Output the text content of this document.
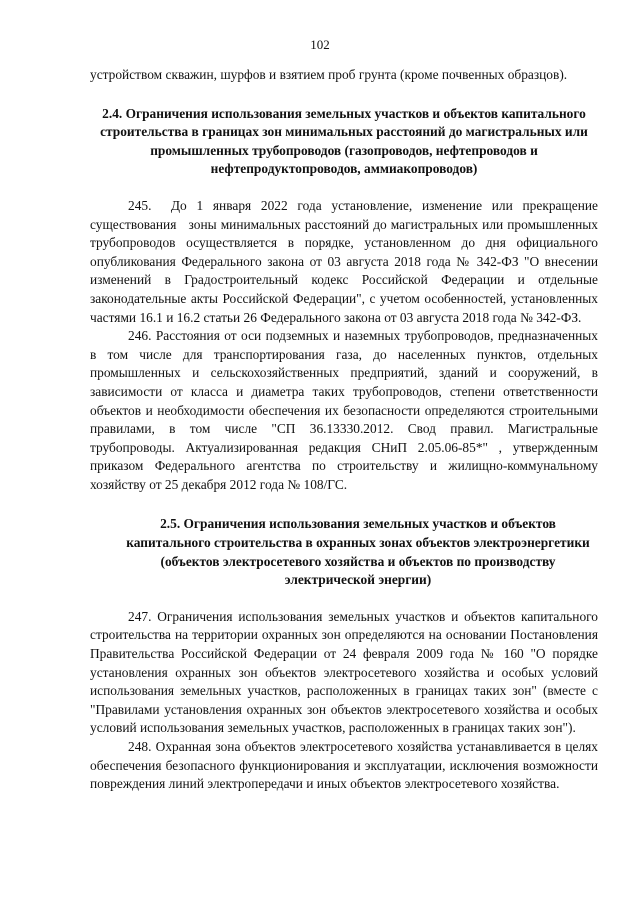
102

устройством скважин, шурфов и взятием проб грунта (кроме почвенных образцов).

2.4. Ограничения использования земельных участков и объектов капитального строительства в границах зон минимальных расстояний до магистральных или промышленных трубопроводов (газопроводов, нефтепроводов и нефтепродуктопроводов, аммиакопроводов)

245.  До 1 января 2022 года установление, изменение или прекращение существования   зоны минимальных расстояний до магистральных или промышленных трубопроводов осуществляется в порядке, установленном до дня официального опубликования Федерального закона от 03 августа 2018 года № 342-ФЗ "О внесении изменений в Градостроительный кодекс Российской Федерации и отдельные законодательные акты Российской Федерации", с учетом особенностей, установленных частями 16.1 и 16.2 статьи 26 Федерального закона от 03 августа 2018 года № 342-ФЗ.

246. Расстояния от оси подземных и наземных трубопроводов, предназначенных в том числе для транспортирования газа, до населенных пунктов, отдельных промышленных и сельскохозяйственных предприятий, зданий и сооружений, в зависимости от класса и диаметра таких трубопроводов, степени ответственности объектов и необходимости обеспечения их безопасности определяются строительными правилами, в том числе "СП 36.13330.2012. Свод правил. Магистральные трубопроводы. Актуализированная редакция СНиП 2.05.06-85*" , утвержденным приказом Федерального агентства по строительству и жилищно-коммунальному хозяйству от 25 декабря 2012 года № 108/ГС.

2.5. Ограничения использования земельных участков и объектов капитального строительства в охранных зонах объектов электроэнергетики (объектов электросетевого хозяйства и объектов по производству электрической энергии)

247. Ограничения использования земельных участков и объектов капитального строительства на территории охранных зон определяются на основании Постановления Правительства Российской Федерации от 24 февраля 2009 года № 160 "О порядке установления охранных зон объектов электросетевого хозяйства и особых условий использования земельных участков, расположенных в границах таких зон" (вместе с "Правилами установления охранных зон объектов электросетевого хозяйства и особых условий использования земельных участков, расположенных в границах таких зон").

248. Охранная зона объектов электросетевого хозяйства устанавливается в целях обеспечения безопасного функционирования и эксплуатации, исключения возможности повреждения линий электропередачи и иных объектов электросетевого хозяйства.
